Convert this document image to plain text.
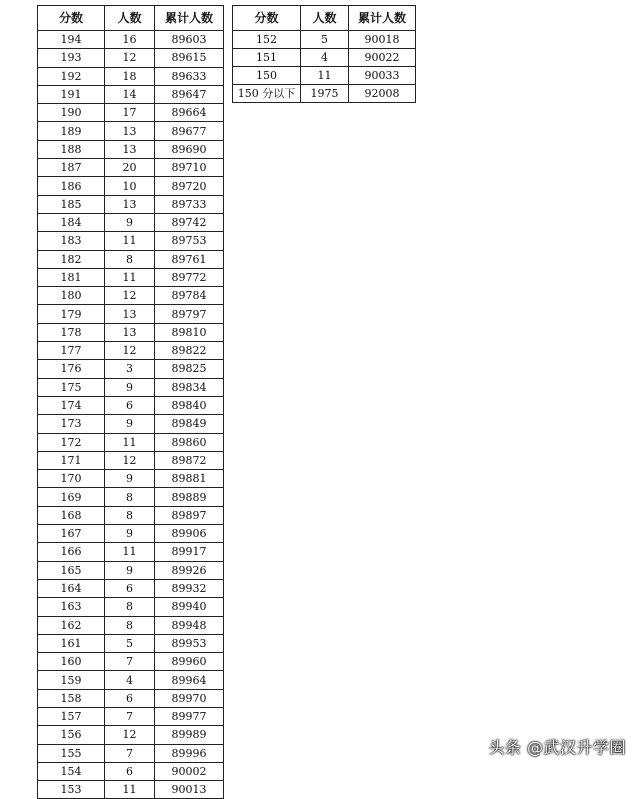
分数	人数	累计人数
194	16	89603
193	12	89615
192	18	89633
191	14	89647
190	17	89664
189	13	89677
188	13	89690
187	20	89710
186	10	89720
185	13	89733
184	9	89742
183	11	89753
182	8	89761
181	11	89772
180	12	89784
179	13	89797
178	13	89810
177	12	89822
176	3	89825
175	9	89834
174	6	89840
173	9	89849
172	11	89860
171	12	89872
170	9	89881
169	8	89889
168	8	89897
167	9	89906
166	11	89917
165	9	89926
164	6	89932
163	8	89940
162	8	89948
161	5	89953
160	7	89960
159	4	89964
158	6	89970
157	7	89977
156	12	89989
155	7	89996
154	6	90002
153	11	90013
分数	人数	累计人数
152	5	90018
151	4	90022
150	11	90033
150 分以下	1975	92008
头条 @武汉升学圈
